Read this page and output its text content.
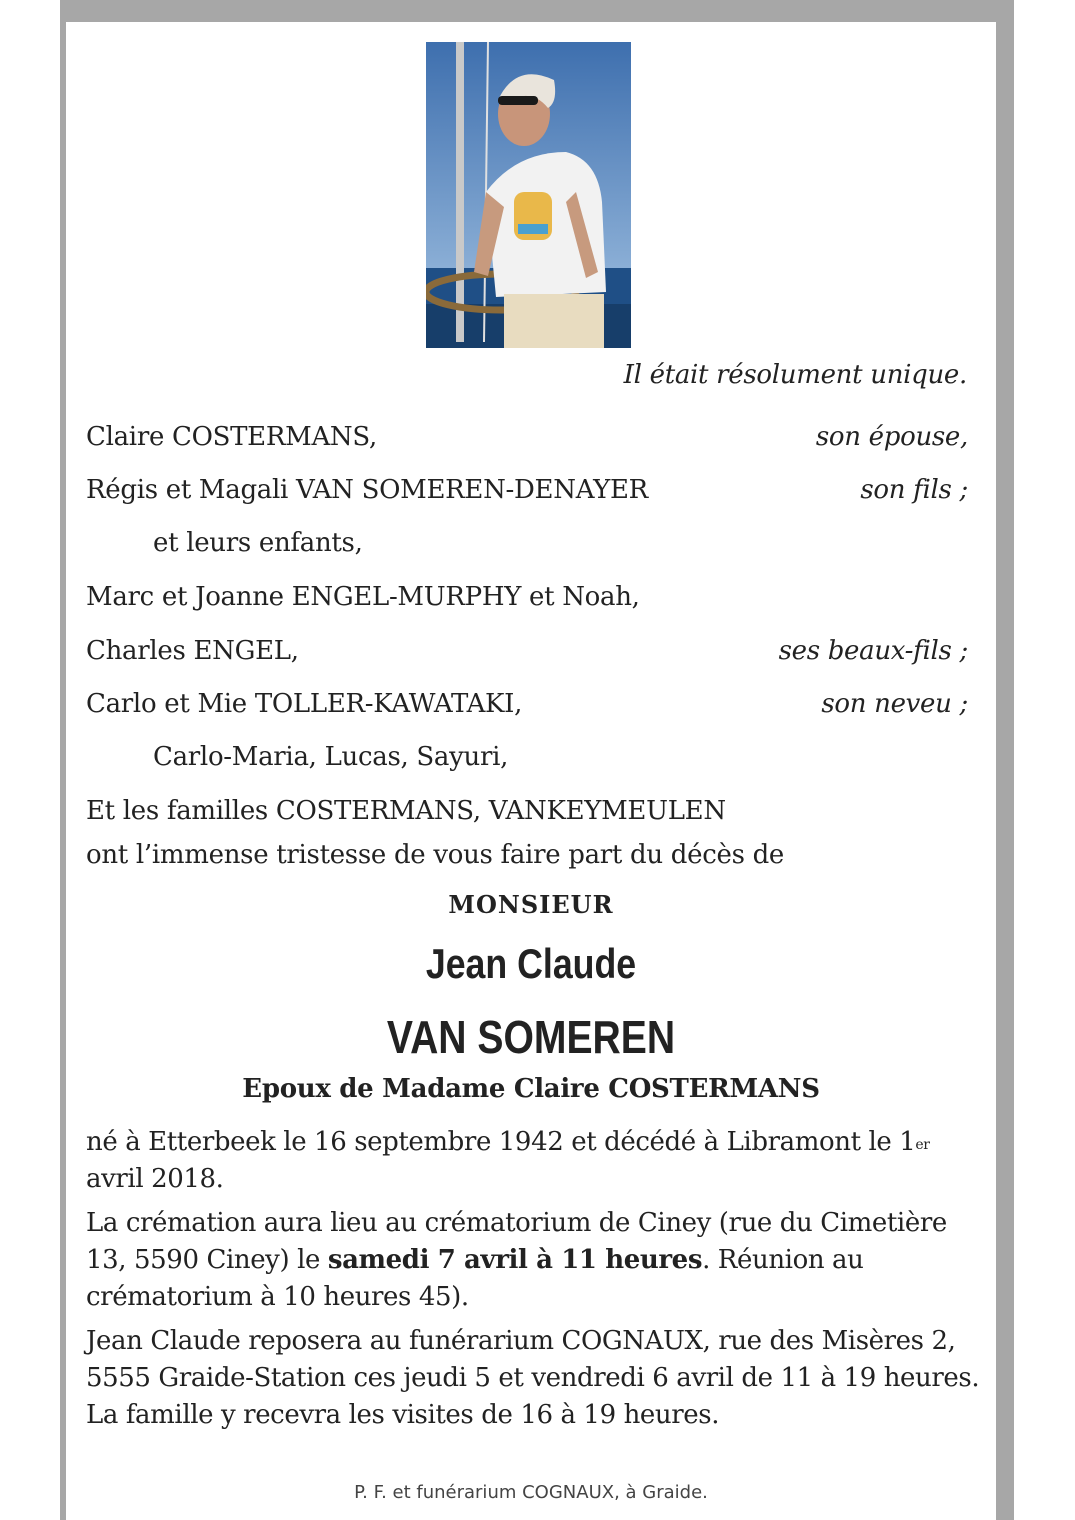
Il était résolument unique.
Claire COSTERMANS,	son épouse,
Régis et Magali VAN SOMEREN-DENAYER	son fils ;
et leurs enfants,
Marc et Joanne ENGEL-MURPHY et Noah,
Charles ENGEL,	ses beaux-fils ;
Carlo et Mie TOLLER-KAWATAKI,	son neveu ;
Carlo-Maria, Lucas, Sayuri,
Et les familles COSTERMANS, VANKEYMEULEN
ont l’immense tristesse de vous faire part du décès de
MONSIEUR
Jean Claude
VAN SOMEREN
Epoux de Madame Claire COSTERMANS

né à Etterbeek le 16 septembre 1942 et décédé à Libramont le 1er avril 2018.

La crémation aura lieu au crématorium de Ciney (rue du Cimetière 13, 5590 Ciney) le samedi 7 avril à 11 heures. Réunion au crématorium à 10 heures 45).

Jean Claude reposera au funérarium COGNAUX, rue des Misères 2, 5555 Graide-Station ces jeudi 5 et vendredi 6 avril de 11 à 19 heures. La famille y recevra les visites de 16 à 19 heures.

P. F. et funérarium COGNAUX, à Graide.
